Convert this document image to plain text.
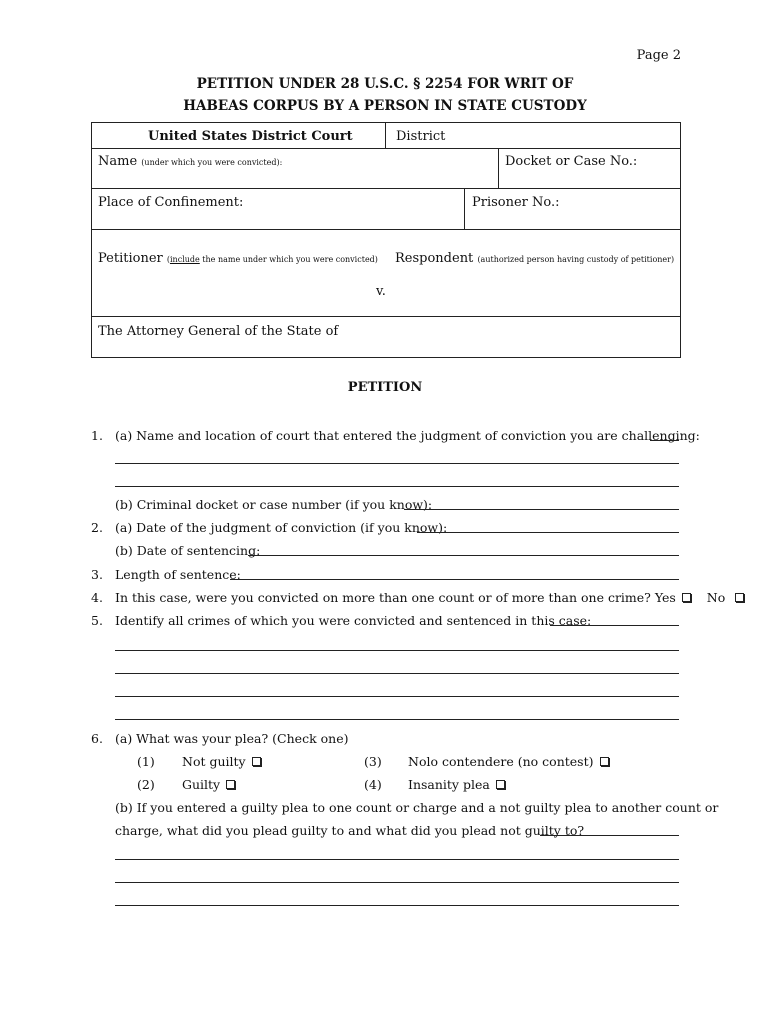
Page 2
PETITION UNDER 28 U.S.C. § 2254 FOR WRIT OF
HABEAS CORPUS BY A PERSON IN STATE CUSTODY
United States District Court	District
Name (under which you were convicted):	Docket or Case No.:
Place of Confinement:	Prisoner No.:
Petitioner (include the name under which you were convicted) Respondent (authorized person having custody of petitioner)
v.
The Attorney General of the State of
PETITION
1. (a) Name and location of court that entered the judgment of conviction you are challenging:
(b) Criminal docket or case number (if you know):
2. (a) Date of the judgment of conviction (if you know):
(b) Date of sentencing:
3. Length of sentence:
4. In this case, were you convicted on more than one count or of more than one crime? Yes No
5. Identify all crimes of which you were convicted and sentenced in this case:
6. (a) What was your plea? (Check one)
(1) Not guilty	(3) Nolo contendere (no contest)
(2) Guilty	(4) Insanity plea
(b) If you entered a guilty plea to one count or charge and a not guilty plea to another count or
charge, what did you plead guilty to and what did you plead not guilty to?
